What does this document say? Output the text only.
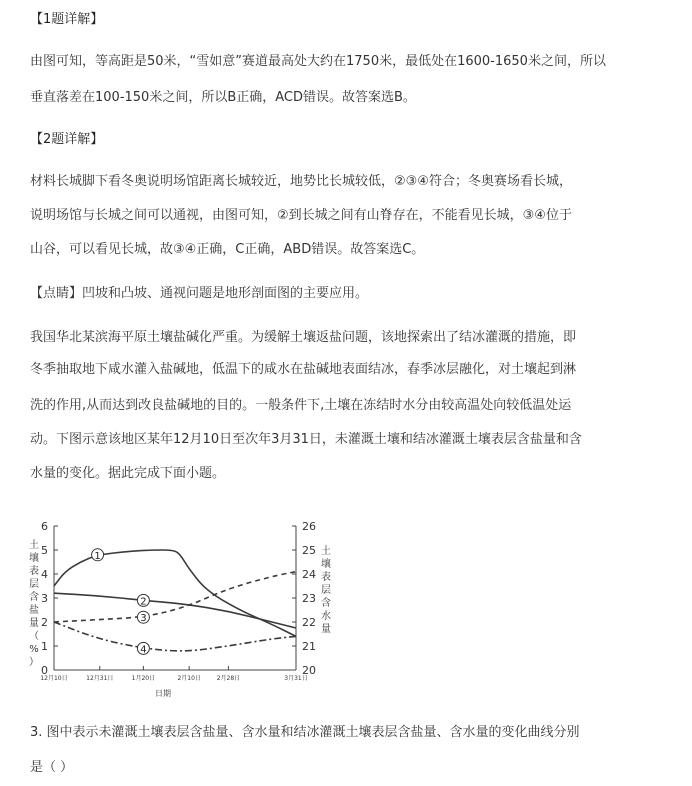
【1题详解】
由图可知，等高距是50米，“雪如意”赛道最高处大约在1750米，最低处在1600-1650米之间，所以
垂直落差在100-150米之间，所以B正确，ACD错误。故答案选B。
【2题详解】
材料长城脚下看冬奥说明场馆距离长城较近，地势比长城较低，②③④符合；冬奥赛场看长城，
说明场馆与长城之间可以通视，由图可知，②到长城之间有山脊存在，不能看见长城，③④位于
山谷，可以看见长城，故③④正确，C正确，ABD错误。故答案选C。
【点睛】凹坡和凸坡、通视问题是地形剖面图的主要应用。
我国华北某滨海平原土壤盐碱化严重。为缓解土壤返盐问题，该地探索出了结冰灌溉的措施，即
冬季抽取地下咸水灌入盐碱地，低温下的咸水在盐碱地表面结冰，春季冰层融化，对土壤起到淋
洗的作用,从而达到改良盐碱地的目的。一般条件下,土壤在冻结时水分由较高温处向较低温处运
动。下图示意该地区某年12月10日至次年3月31日，未灌溉土壤和结冰灌溉土壤表层含盐量和含
水量的变化。据此完成下面小题。
0
1
2
3
4
5
6
20
21
22
23
24
25
26
12月10日	12月31日	1月20日	2月10日	2月28日	3月31日
日期
土
壤
表
层
含
盐
量
（
%
）
土
壤
表
层
含
水
量
1
2
3
4
3. 图中表示未灌溉土壤表层含盐量、含水量和结冰灌溉土壤表层含盐量、含水量的变化曲线分别
是（ ）
